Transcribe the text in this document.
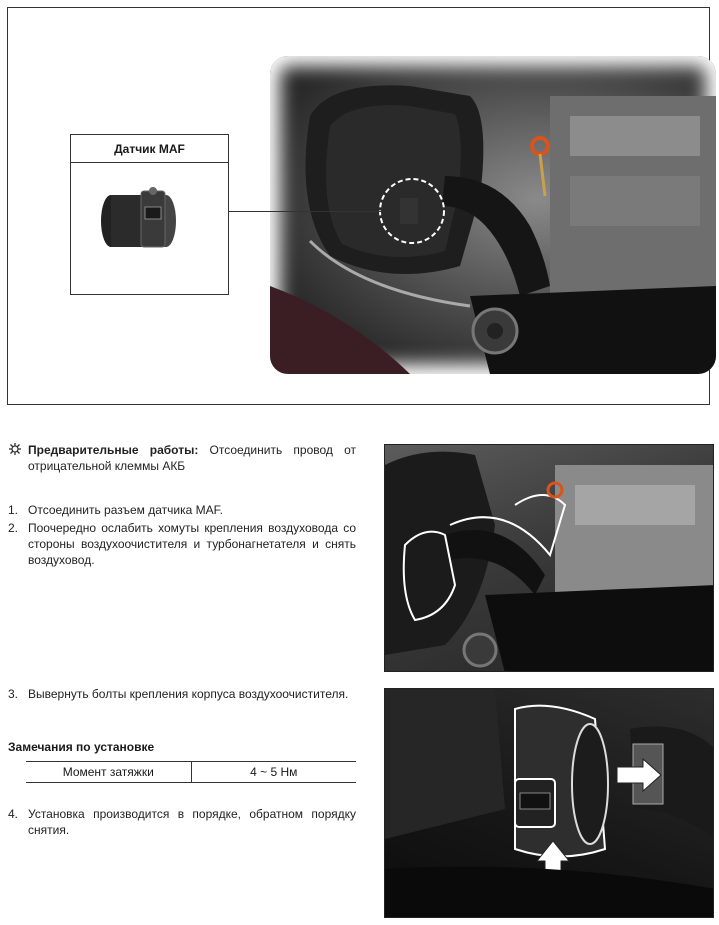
Датчик MAF
Предварительные работы: Отсоединить провод от отрицательной клеммы АКБ
1. Отсоединить разъем датчика MAF.
2. Поочередно ослабить хомуты крепления воздуховода со стороны воздухоочистителя и турбонагнетателя и снять воздуховод.
3. Вывернуть болты крепления корпуса воздухоочистителя.
Замечания по установке
Момент затяжки	4 ~ 5 Нм
4. Установка производится в порядке, обратном порядку снятия.
